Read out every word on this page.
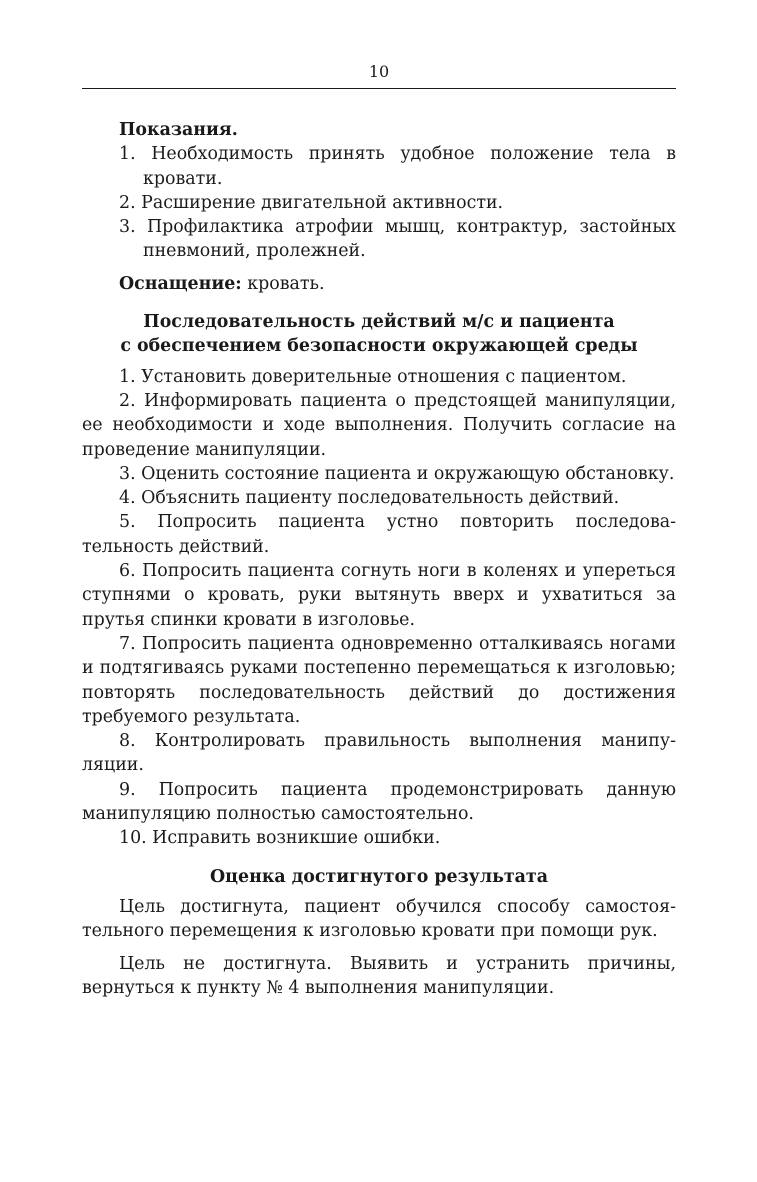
10

Показания.

1. Необходимость принять удобное положение тела в кровати.

2. Расширение двигательной активности.

3. Профилактика атрофии мышц, контрактур, застойных пневмоний, пролежней.

Оснащение: кровать.

Последовательность действий м/с и пациента
с обеспечением безопасности окружающей среды

1. Установить доверительные отношения с пациентом.

2. Информировать пациента о предстоящей манипуляции, ее необходимости и ходе выполнения. Получить согласие на проведение манипуляции.

3. Оценить состояние пациента и окружающую обстановку.

4. Объяснить пациенту последовательность действий.

5. Попросить пациента устно повторить последовательность действий.

6. Попросить пациента согнуть ноги в коленях и упереться ступнями о кровать, руки вытянуть вверх и ухватиться за прутья спинки кровати в изголовье.

7. Попросить пациента одновременно отталкиваясь ногами и подтягиваясь руками постепенно перемещаться к изголовью; повторять последовательность действий до достижения требуемого результата.

8. Контролировать правильность выполнения манипуляции.

9. Попросить пациента продемонстрировать данную манипуляцию полностью самостоятельно.

10. Исправить возникшие ошибки.

Оценка достигнутого результата

Цель достигнута, пациент обучился способу самостоятельного перемещения к изголовью кровати при помощи рук.

Цель не достигнута. Выявить и устранить причины, вернуться к пункту № 4 выполнения манипуляции.
